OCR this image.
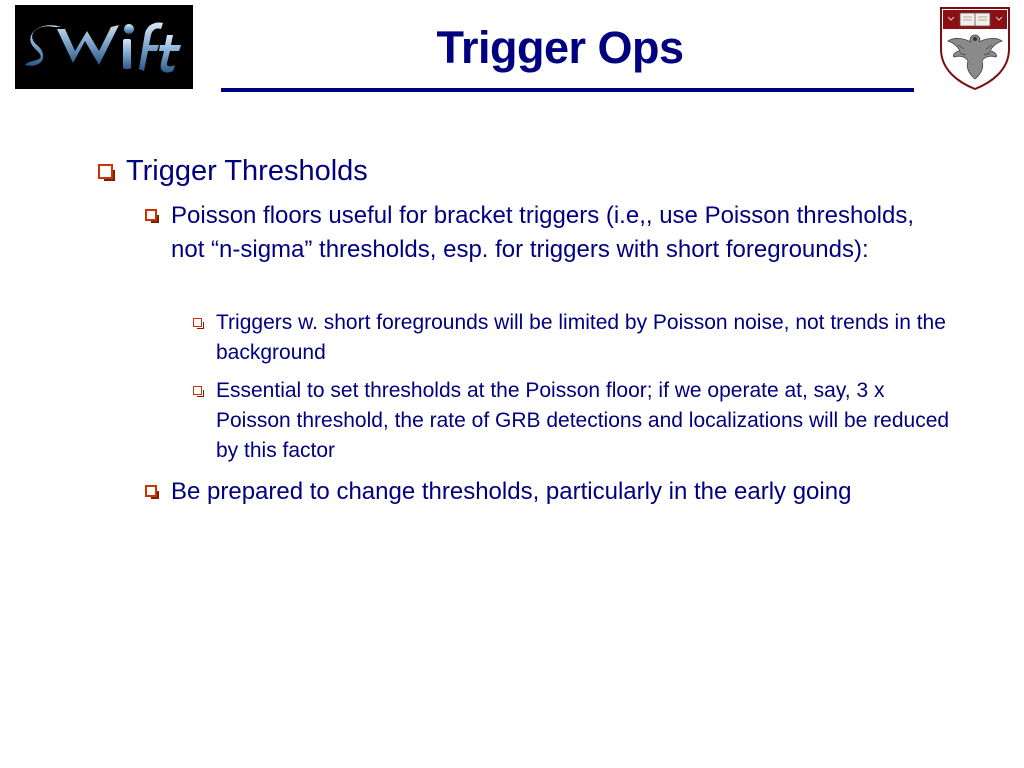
Trigger Ops
Trigger Thresholds
Poisson floors useful for bracket triggers (i.e,, use Poisson thresholds, not “n-sigma” thresholds, esp. for triggers with short foregrounds):
Triggers w. short foregrounds will be limited by Poisson noise, not trends in the background
Essential to set thresholds at the Poisson floor; if we operate at, say, 3 x Poisson threshold, the rate of GRB detections and localizations will be reduced by this factor
Be prepared to change thresholds, particularly in the early going
